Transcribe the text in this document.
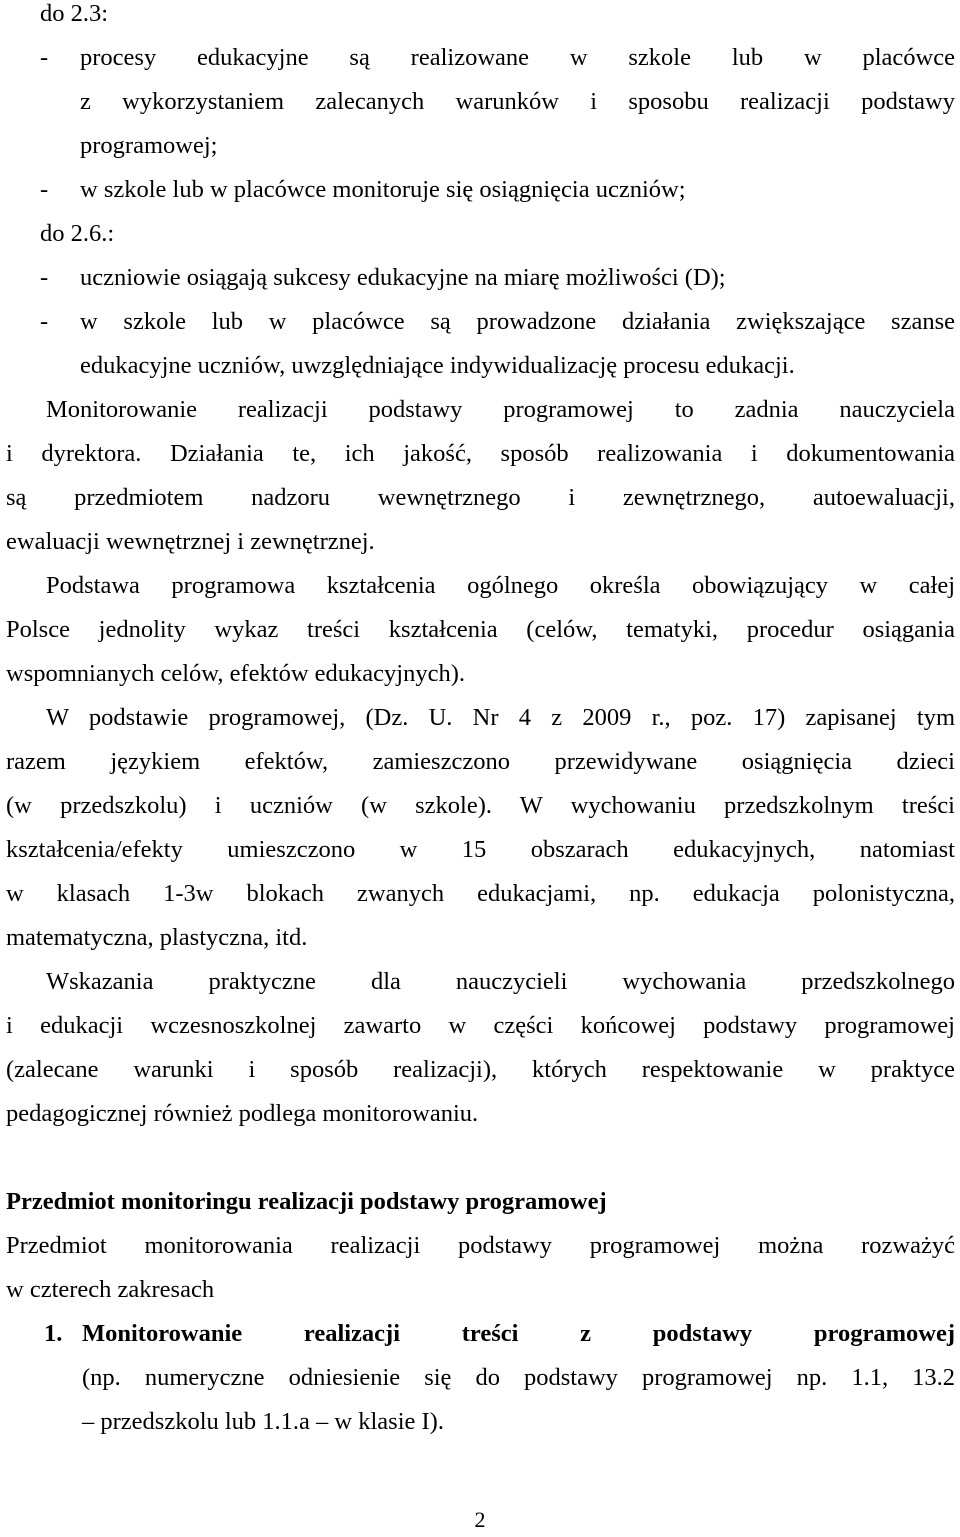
do 2.3:
-	procesy edukacyjne są realizowane w szkole lub w placówce
z wykorzystaniem zalecanych warunków i sposobu realizacji podstawy
programowej;
-	w szkole lub w placówce monitoruje się osiągnięcia uczniów;
do 2.6.:
-	uczniowie osiągają sukcesy edukacyjne na miarę możliwości (D);
-	w szkole lub w placówce są prowadzone działania zwiększające szanse
edukacyjne uczniów, uwzględniające indywidualizację procesu edukacji.
Monitorowanie realizacji podstawy programowej to zadnia nauczyciela
i dyrektora. Działania te, ich jakość, sposób realizowania i dokumentowania
są przedmiotem nadzoru wewnętrznego i zewnętrznego, autoewaluacji,
ewaluacji wewnętrznej i zewnętrznej.
Podstawa programowa kształcenia ogólnego określa obowiązujący w całej
Polsce jednolity wykaz treści kształcenia (celów, tematyki, procedur osiągania
wspomnianych celów, efektów edukacyjnych).
W podstawie programowej, (Dz. U. Nr 4 z 2009 r., poz. 17) zapisanej tym
razem językiem efektów, zamieszczono przewidywane osiągnięcia dzieci
(w przedszkolu) i uczniów (w szkole). W wychowaniu przedszkolnym treści
kształcenia/efekty umieszczono w 15 obszarach edukacyjnych, natomiast
w klasach 1-3w blokach zwanych edukacjami, np. edukacja polonistyczna,
matematyczna, plastyczna, itd.
Wskazania praktyczne dla nauczycieli wychowania przedszkolnego
i edukacji wczesnoszkolnej zawarto w części końcowej podstawy programowej
(zalecane warunki i sposób realizacji), których respektowanie w praktyce
pedagogicznej również podlega monitorowaniu.
Przedmiot monitoringu realizacji podstawy programowej
Przedmiot monitorowania realizacji podstawy programowej można rozważyć
w czterech zakresach
1. Monitorowanie realizacji treści z podstawy programowej
(np. numeryczne odniesienie się do podstawy programowej np. 1.1, 13.2
– przedszkolu lub 1.1.a – w klasie I).
2
